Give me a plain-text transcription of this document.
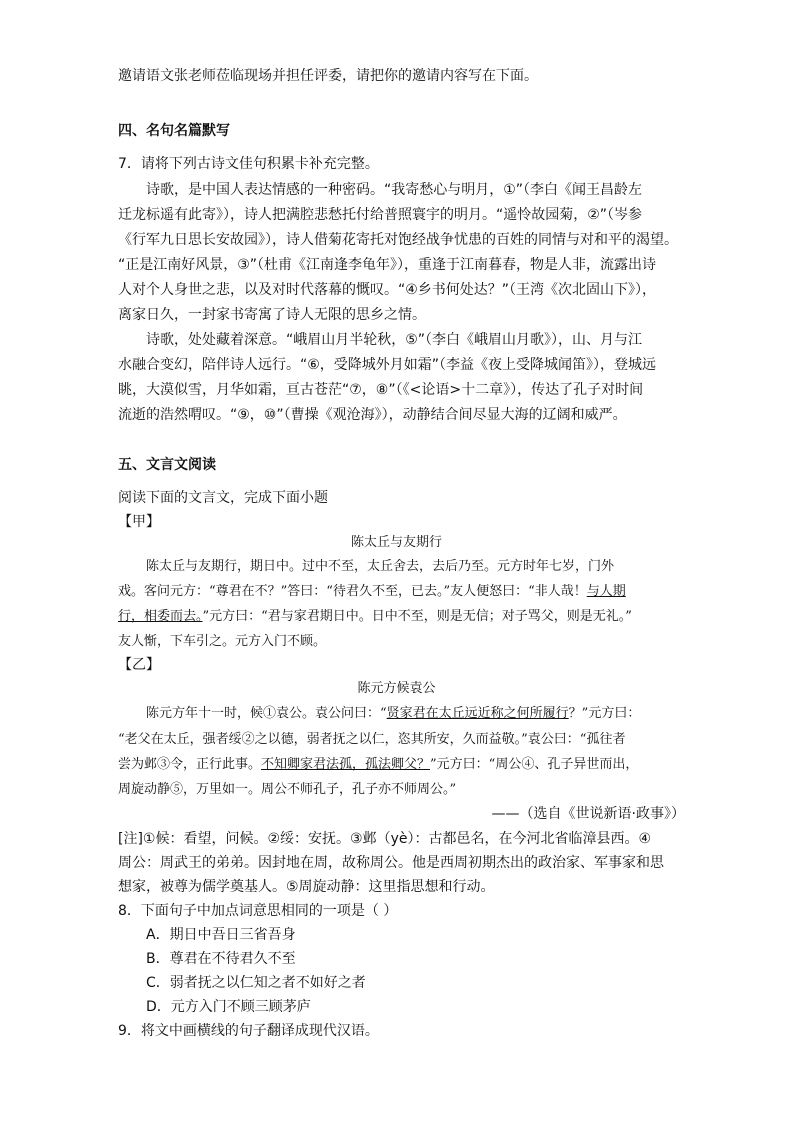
邀请语文张老师莅临现场并担任评委，请把你的邀请内容写在下面。
四、名句名篇默写
7．请将下列古诗文佳句积累卡补充完整。
诗歌，是中国人表达情感的一种密码。“我寄愁心与明月，①”（李白《闻王昌龄左
迁龙标遥有此寄》），诗人把满腔悲愁托付给普照寰宇的明月。“遥怜故园菊，②”（岑参
《行军九日思长安故园》），诗人借菊花寄托对饱经战争忧患的百姓的同情与对和平的渴望。
“正是江南好风景，③”（杜甫《江南逢李龟年》），重逢于江南暮春，物是人非，流露出诗
人对个人身世之悲，以及对时代落幕的慨叹。“④乡书何处达？”（王湾《次北固山下》），
离家日久，一封家书寄寓了诗人无限的思乡之情。
诗歌，处处藏着深意。“峨眉山月半轮秋，⑤”（李白《峨眉山月歌》），山、月与江
水融合变幻，陪伴诗人远行。“⑥，受降城外月如霜”（李益《夜上受降城闻笛》），登城远
眺，大漠似雪，月华如霜，亘古苍茫“⑦，⑧”（《<论语>十二章》），传达了孔子对时间
流逝的浩然喟叹。“⑨，⑩”（曹操《观沧海》），动静结合间尽显大海的辽阔和威严。
五、文言文阅读
阅读下面的文言文，完成下面小题
【甲】
陈太丘与友期行
陈太丘与友期行，期日中。过中不至，太丘舍去，去后乃至。元方时年七岁，门外
戏。客问元方：“尊君在不？”答曰：“待君久不至，已去。”友人便怒曰：“非人哉！与人期
行，相委而去。”元方曰：“君与家君期日中。日中不至，则是无信；对子骂父，则是无礼。”
友人惭，下车引之。元方入门不顾。
【乙】
陈元方候袁公
陈元方年十一时，候①袁公。袁公问曰：“贤家君在太丘远近称之何所履行？”元方曰：
“老父在太丘，强者绥②之以德，弱者抚之以仁，恣其所安，久而益敬。”袁公曰：“孤往者
尝为邺③令，正行此事。不知卿家君法孤，孤法卿父？”元方曰：“周公④、孔子异世而出，
周旋动静⑤，万里如一。周公不师孔子，孔子亦不师周公。”
——（选自《世说新语·政事》）
[注]①候：看望，问候。②绥：安抚。③邺（yè）：古都邑名，在今河北省临漳县西。④
周公：周武王的弟弟。因封地在周，故称周公。他是西周初期杰出的政治家、军事家和思
想家，被尊为儒学奠基人。⑤周旋动静：这里指思想和行动。
8．下面句子中加点词意思相同的一项是（ ）
A．期日中吾日三省吾身
B．尊君在不待君久不至
C．弱者抚之以仁知之者不如好之者
D．元方入门不顾三顾茅庐
9．将文中画横线的句子翻译成现代汉语。
